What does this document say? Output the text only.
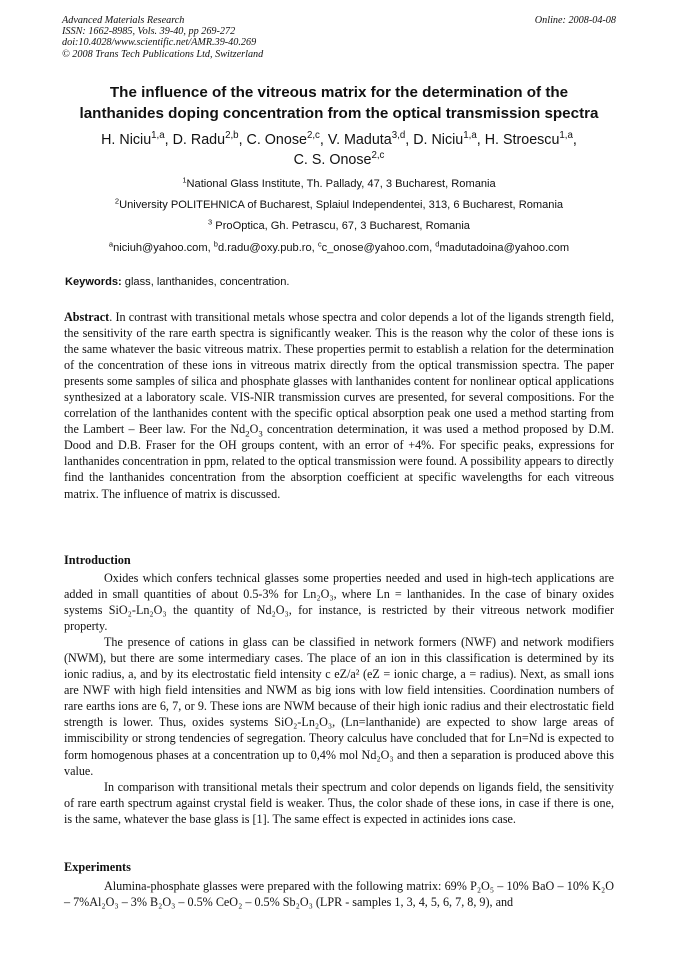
Advanced Materials Research
ISSN: 1662-8985, Vols. 39-40, pp 269-272
doi:10.4028/www.scientific.net/AMR.39-40.269
© 2008 Trans Tech Publications Ltd, Switzerland
Online: 2008-04-08
The influence of the vitreous matrix for the determination of the
lanthanides doping concentration from the optical transmission spectra
H. Niciu$^{1,a}$, D. Radu$^{2,b}$, C. Onose$^{2,c}$, V. Maduta$^{3,d}$, D. Niciu$^{1,a}$, H. Stroescu$^{1,a}$,
C. S. Onose$^{2,c}$
$^1$National Glass Institute, Th. Pallady, 47, 3 Bucharest, Romania
$^2$University POLITEHNICA of Bucharest, Splaiul Independentei, 313, 6 Bucharest, Romania
$^3$ ProOptica, Gh. Petrascu, 67, 3 Bucharest, Romania
$^a$niciuh@yahoo.com, $^b$d.radu@oxy.pub.ro, $^c$c_onose@yahoo.com, $^d$madutadoina@yahoo.com
Keywords: glass, lanthanides, concentration.

Abstract. In contrast with transitional metals whose spectra and color depends a lot of the ligands strength field, the sensitivity of the rare earth spectra is significantly weaker. This is the reason why the color of these ions is the same whatever the basic vitreous matrix. These properties permit to establish a relation for the determination of the concentration of these ions in vitreous matrix directly from the optical transmission spectra. The paper presents some samples of silica and phosphate glasses with lanthanides content for nonlinear optical applications synthesized at a laboratory scale. VIS-NIR transmission curves are presented, for several compositions. For the correlation of the lanthanides content with the specific optical absorption peak one used a method starting from the Lambert – Beer law. For the $Nd_2O_3$ concentration determination, it was used a method proposed by D.M. Dood and D.B. Fraser for the OH groups content, with an error of +4%. For specific peaks, expressions for lanthanides concentration in ppm, related to the optical transmission were found. A possibility appears to directly find the lanthanides concentration from the absorption coefficient at specific wavelengths for each vitreous matrix. The influence of matrix is discussed.

Introduction

Oxides which confers technical glasses some properties needed and used in high-tech applications are added in small quantities of about 0.5-3% for Ln₂O₃, where Ln = lanthanides. In the case of binary oxides systems SiO₂-Ln₂O₃ the quantity of Nd₂O₃, for instance, is restricted by their vitreous network modifier property.

The presence of cations in glass can be classified in network formers (NWF) and network modifiers (NWM), but there are some intermediary cases. The place of an ion in this classification is determined by its ionic radius, a, and by its electrostatic field intensity c eZ/a² (eZ = ionic charge, a = radius). Next, as small ions are NWF with high field intensities and NWM as big ions with low field intensities. Coordination numbers of rare earths ions are 6, 7, or 9. These ions are NWM because of their high ionic radius and their electrostatic field strength is lower. Thus, oxides systems SiO₂-Ln₂O₃, (Ln=lanthanide) are expected to show large areas of immiscibility or strong tendencies of segregation. Theory calculus have concluded that for Ln=Nd is expected to form homogenous phases at a concentration up to 0,4% mol Nd₂O₃ and then a separation is produced above this value.

In comparison with transitional metals their spectrum and color depends on ligands field, the sensitivity of rare earth spectrum against crystal field is weaker. Thus, the color shade of these ions, in case if there is one, is the same, whatever the base glass is [1]. The same effect is expected in actinides ions case.

Experiments

Alumina-phosphate glasses were prepared with the following matrix: 69% P₂O₅ – 10% BaO – 10% K₂O – 7%Al₂O₃ – 3% B₂O₃ – 0.5% CeO₂ – 0.5% Sb₂O₃ (LPR - samples 1, 3, 4, 5, 6, 7, 8, 9), and
